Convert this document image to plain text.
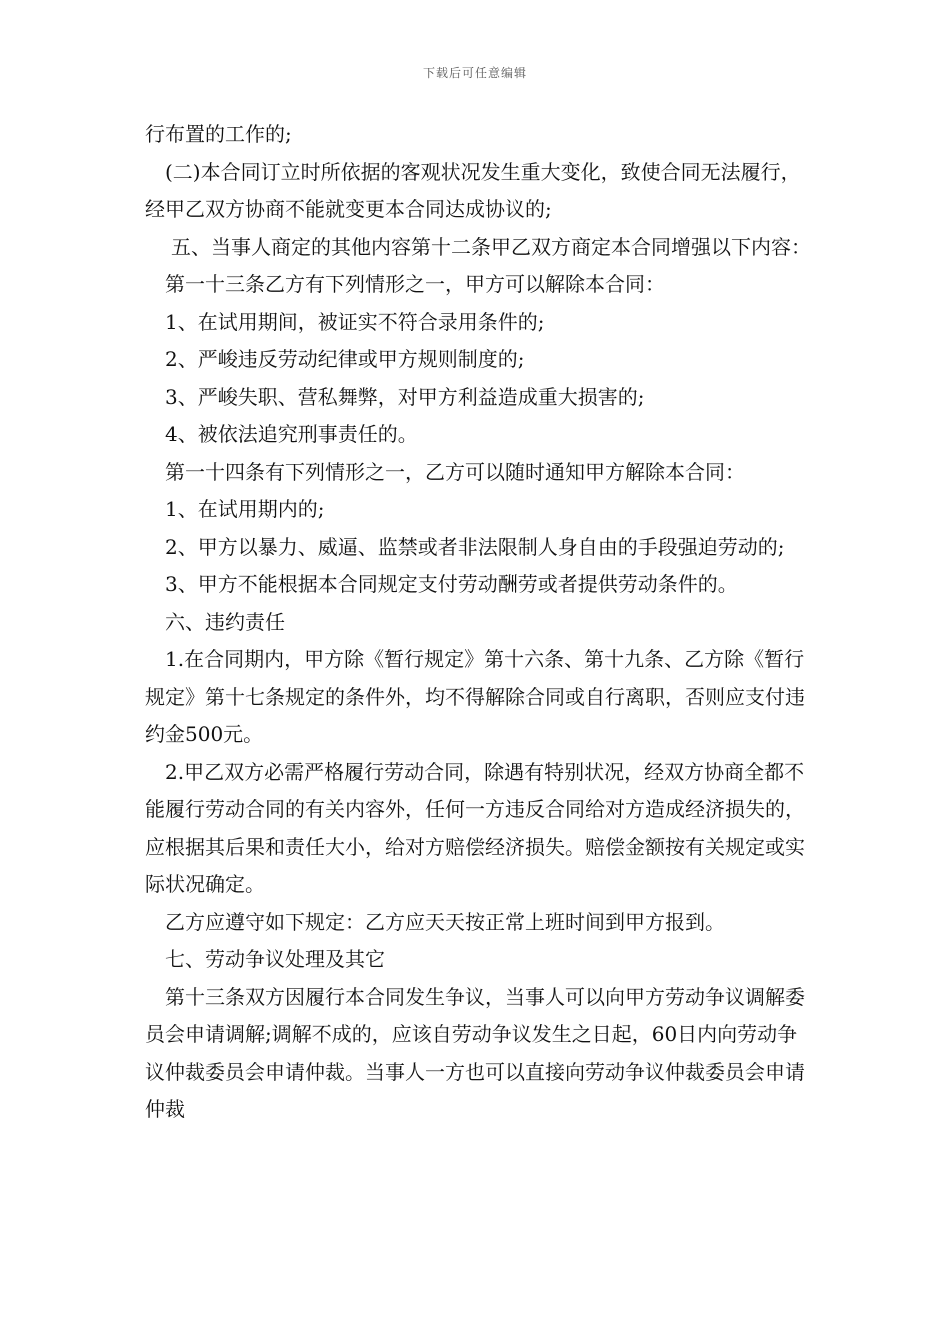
下载后可任意编辑

行布置的工作的;

(二)本合同订立时所依据的客观状况发生重大变化，致使合同无法履行，经甲乙双方协商不能就变更本合同达成协议的;

五、当事人商定的其他内容第十二条甲乙双方商定本合同增强以下内容：

第一十三条乙方有下列情形之一，甲方可以解除本合同：

1、在试用期间，被证实不符合录用条件的;

2、严峻违反劳动纪律或甲方规则制度的;

3、严峻失职、营私舞弊，对甲方利益造成重大损害的;

4、被依法追究刑事责任的。

第一十四条有下列情形之一，乙方可以随时通知甲方解除本合同：

1、在试用期内的;

2、甲方以暴力、威逼、监禁或者非法限制人身自由的手段强迫劳动的;

3、甲方不能根据本合同规定支付劳动酬劳或者提供劳动条件的。

六、违约责任

1.在合同期内，甲方除《暂行规定》第十六条、第十九条、乙方除《暂行规定》第十七条规定的条件外，均不得解除合同或自行离职，否则应支付违约金500元。

2.甲乙双方必需严格履行劳动合同，除遇有特别状况，经双方协商全都不能履行劳动合同的有关内容外，任何一方违反合同给对方造成经济损失的，应根据其后果和责任大小，给对方赔偿经济损失。赔偿金额按有关规定或实际状况确定。

乙方应遵守如下规定：乙方应天天按正常上班时间到甲方报到。

七、劳动争议处理及其它

第十三条双方因履行本合同发生争议，当事人可以向甲方劳动争议调解委员会申请调解;调解不成的，应该自劳动争议发生之日起，60日内向劳动争议仲裁委员会申请仲裁。当事人一方也可以直接向劳动争议仲裁委员会申请仲裁
